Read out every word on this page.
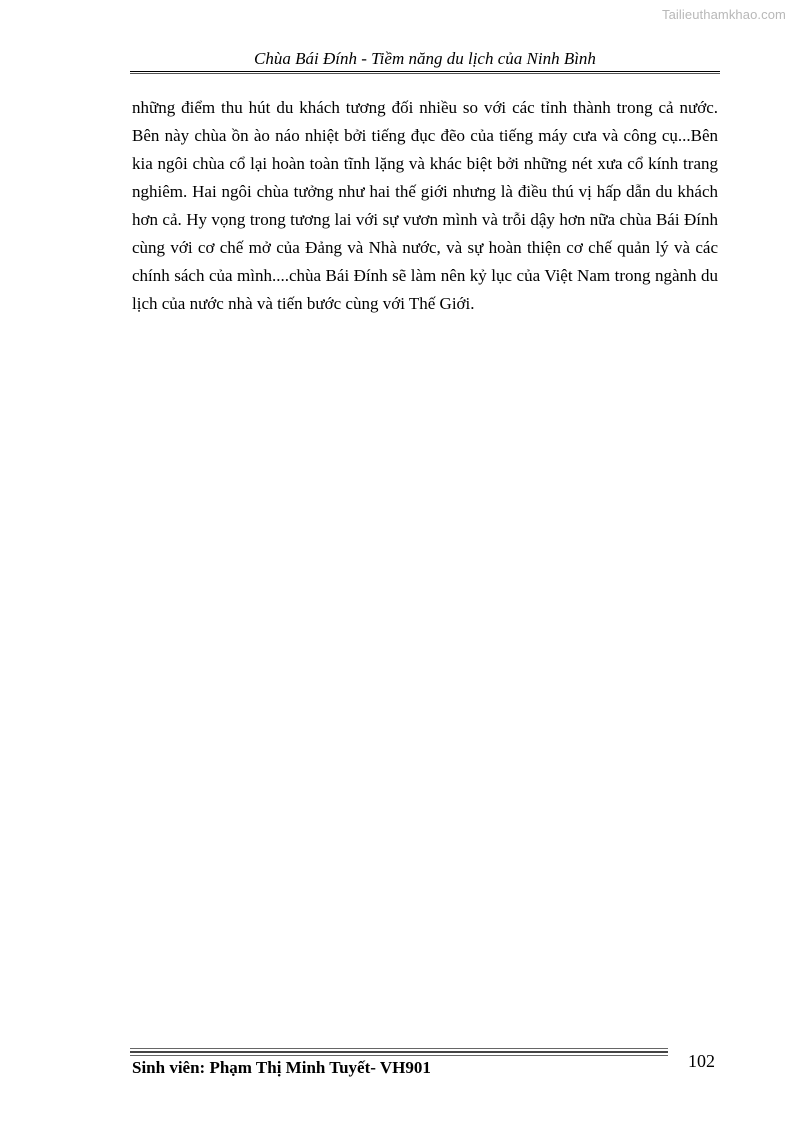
Tailieuthamkhao.com
Chùa Bái Đính - Tiềm năng du lịch của Ninh Bình

những điểm thu hút du khách tương đối nhiều so với các tỉnh thành trong cả nước. Bên này chùa ồn ào náo nhiệt bởi tiếng đục đẽo của tiếng máy cưa và công cụ...Bên kia ngôi chùa cổ lại hoàn toàn tĩnh lặng và khác biệt bởi những nét xưa cổ kính trang nghiêm. Hai ngôi chùa tưởng như hai thế giới nhưng là điều thú vị hấp dẫn du khách hơn cả. Hy vọng trong tương lai với sự vươn mình và trỗi dậy hơn nữa chùa Bái Đính cùng với cơ chế mở của Đảng và Nhà nước, và sự hoàn thiện cơ chế quản lý và các chính sách của mình....chùa Bái Đính sẽ làm nên kỷ lục của Việt Nam trong ngành du lịch của nước nhà và tiến bước cùng với Thế Giới.

Sinh viên: Phạm Thị Minh Tuyết- VH901	102
